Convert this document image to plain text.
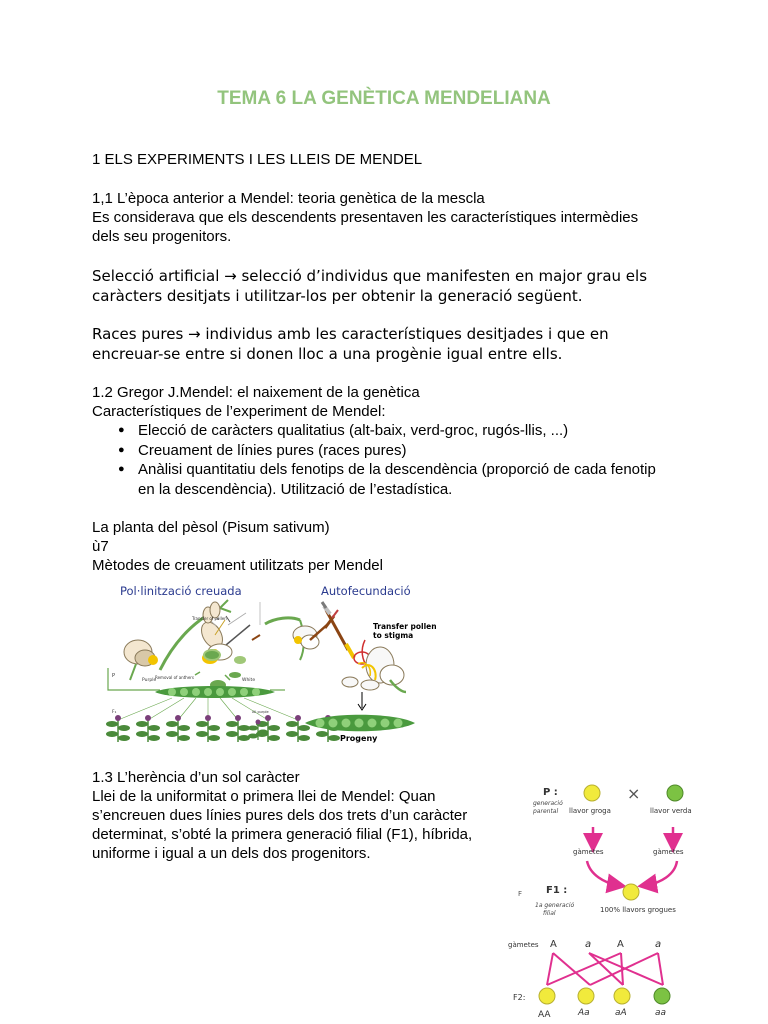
TEMA 6 LA GENÈTICA MENDELIANA
1 ELS EXPERIMENTS I LES LLEIS DE MENDEL
1,1 L’època anterior a Mendel: teoria genètica de la mescla
Es considerava que els descendents presentaven les característiques intermèdies
dels seu progenitors.
Selecció artificial → selecció d’individus que manifesten en major grau els
caràcters desitjats i utilitzar-los per obtenir la generació següent.
Races pures → individus amb les característiques desitjades i que en
encreuar-se entre si donen lloc a una progènie igual entre ells.
1.2 Gregor J.Mendel: el naixement de la genètica
Característiques de l’experiment de Mendel:
● Elecció de caràcters qualitatius (alt-baix, verd-groc, rugós-llis, ...)
● Creuament de línies pures (races pures)
● Anàlisi quantitatiu dels fenotips de la descendència (proporció de cada fenotip
en la descendència). Utilització de l’estadística.
La planta del pèsol (Pisum sativum)
ù7
Mètodes de creuament utilitzats per Mendel
Pol·linització creuada	Autofecundació
Transfer of pollen
Removal of anthers
P
Purple	White
F₁	All purple
Transfer pollen
to stigma
Progeny
1.3 L’herència d’un sol caràcter
Llei de la uniformitat o primera llei de Mendel: Quan
s’encreuen dues línies pures dels dos trets d’un caràcter
determinat, s’obté la primera generació filial (F1), híbrida,
uniforme i igual a un dels dos progenitors.
P :
generació
parental
×
llavor groga	llavor verda
gàmetes	gàmetes
F F1 :
1a generació
filial	100% llavors grogues
gàmetes A	a	A	a
F2:
AA	Aa	aA	aa
